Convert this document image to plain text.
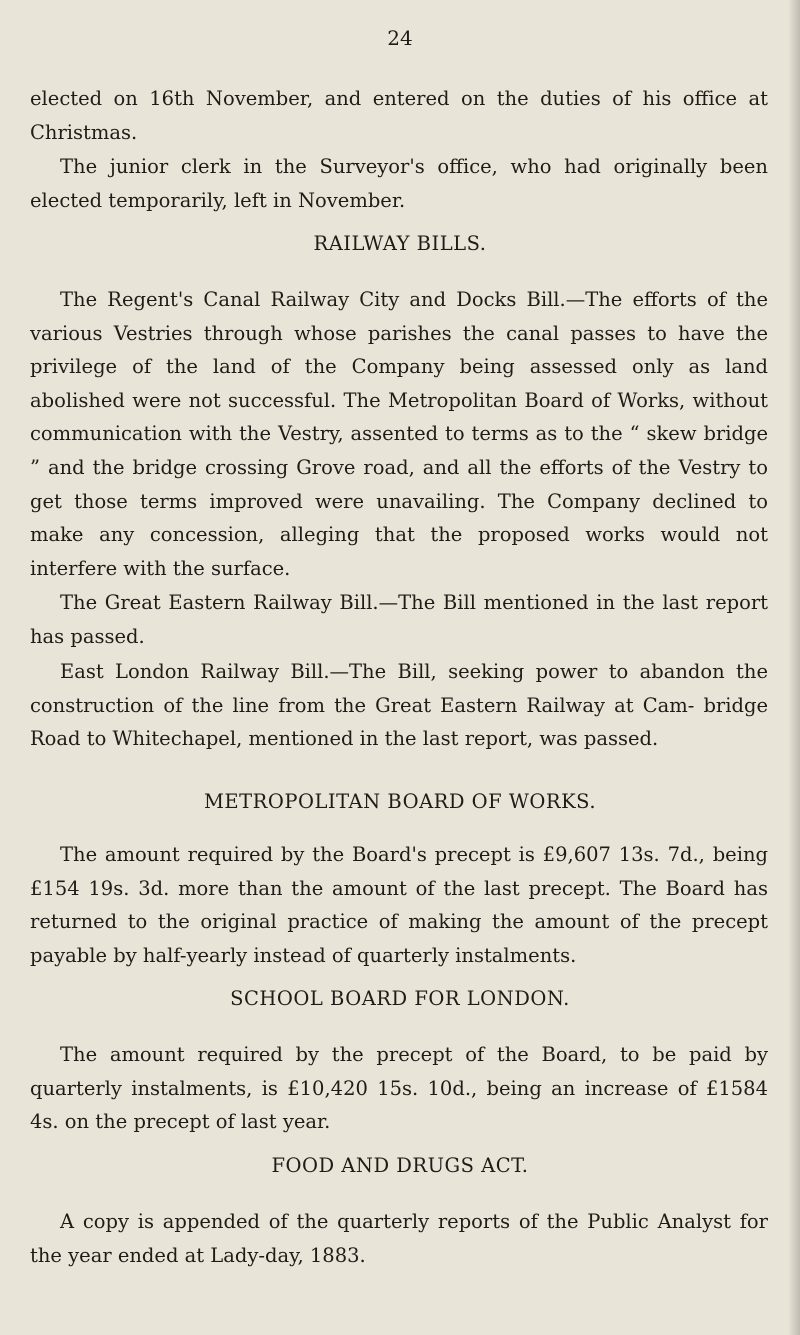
24

elected on 16th November, and entered on the duties of his office at Christmas.

The junior clerk in the Surveyor's office, who had originally been elected temporarily, left in November.

RAILWAY BILLS.

The Regent's Canal Railway City and Docks Bill.—The efforts of the various Vestries through whose parishes the canal passes to have the privilege of the land of the Company being assessed only as land abolished were not successful. The Metropolitan Board of Works, without communication with the Vestry, assented to terms as to the “ skew bridge ” and the bridge crossing Grove road, and all the efforts of the Vestry to get those terms improved were unavailing. The Company declined to make any concession, alleging that the proposed works would not interfere with the surface.

The Great Eastern Railway Bill.—The Bill mentioned in the last report has passed.

East London Railway Bill.—The Bill, seeking power to abandon the construction of the line from the Great Eastern Railway at Cam- bridge Road to Whitechapel, mentioned in the last report, was passed.

METROPOLITAN BOARD OF WORKS.

The amount required by the Board's precept is £9,607 13s. 7d., being £154 19s. 3d. more than the amount of the last precept. The Board has returned to the original practice of making the amount of the precept payable by half-yearly instead of quarterly instalments.

SCHOOL BOARD FOR LONDON.

The amount required by the precept of the Board, to be paid by quarterly instalments, is £10,420 15s. 10d., being an increase of £1584 4s. on the precept of last year.

FOOD AND DRUGS ACT.

A copy is appended of the quarterly reports of the Public Analyst for the year ended at Lady-day, 1883.
